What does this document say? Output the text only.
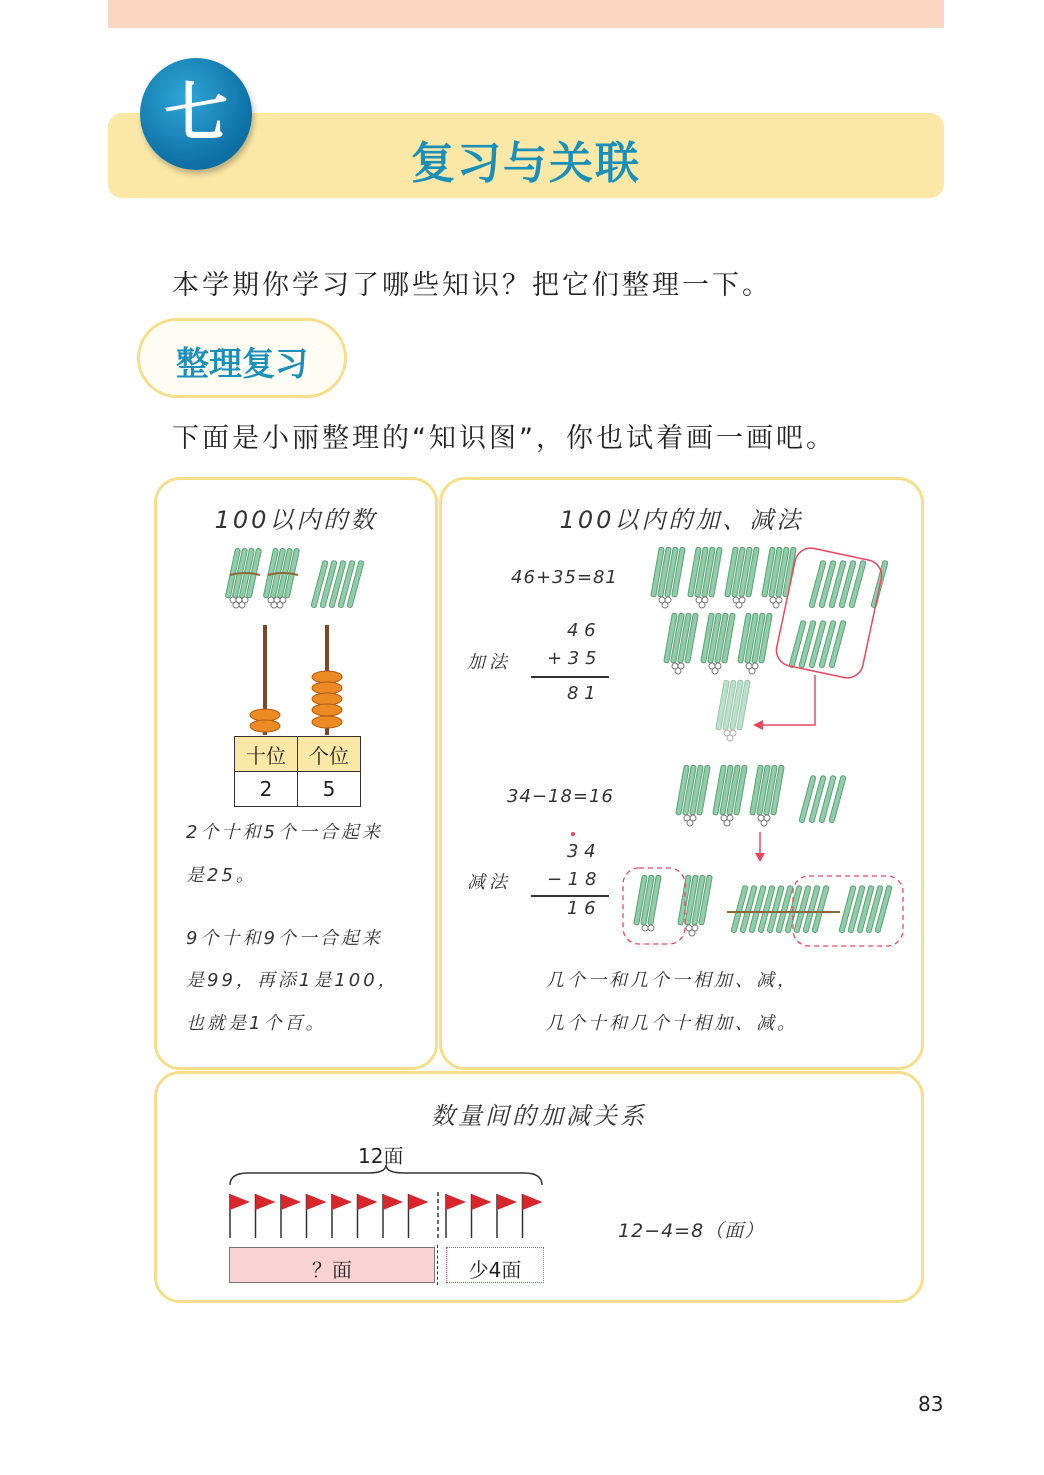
七
复习与关联
本学期你学习了哪些知识？把它们整理一下。
整理复习
下面是小丽整理的“知识图”，你也试着画一画吧。
100以内的数
十位	个位
2	5
2个十和5个一合起来
是25。
9个十和9个一合起来
是99，再添1是100，
也就是1个百。
100以内的加、减法
46+35=81
加法
4 6
+ 3 5
8 1
34−18=16
减法
3 4
− 1 8
1 6
几个一和几个一相加、减，
几个十和几个十相加、减。
数量间的加减关系
12面
？面	少4面
12−4=8（面）
83
